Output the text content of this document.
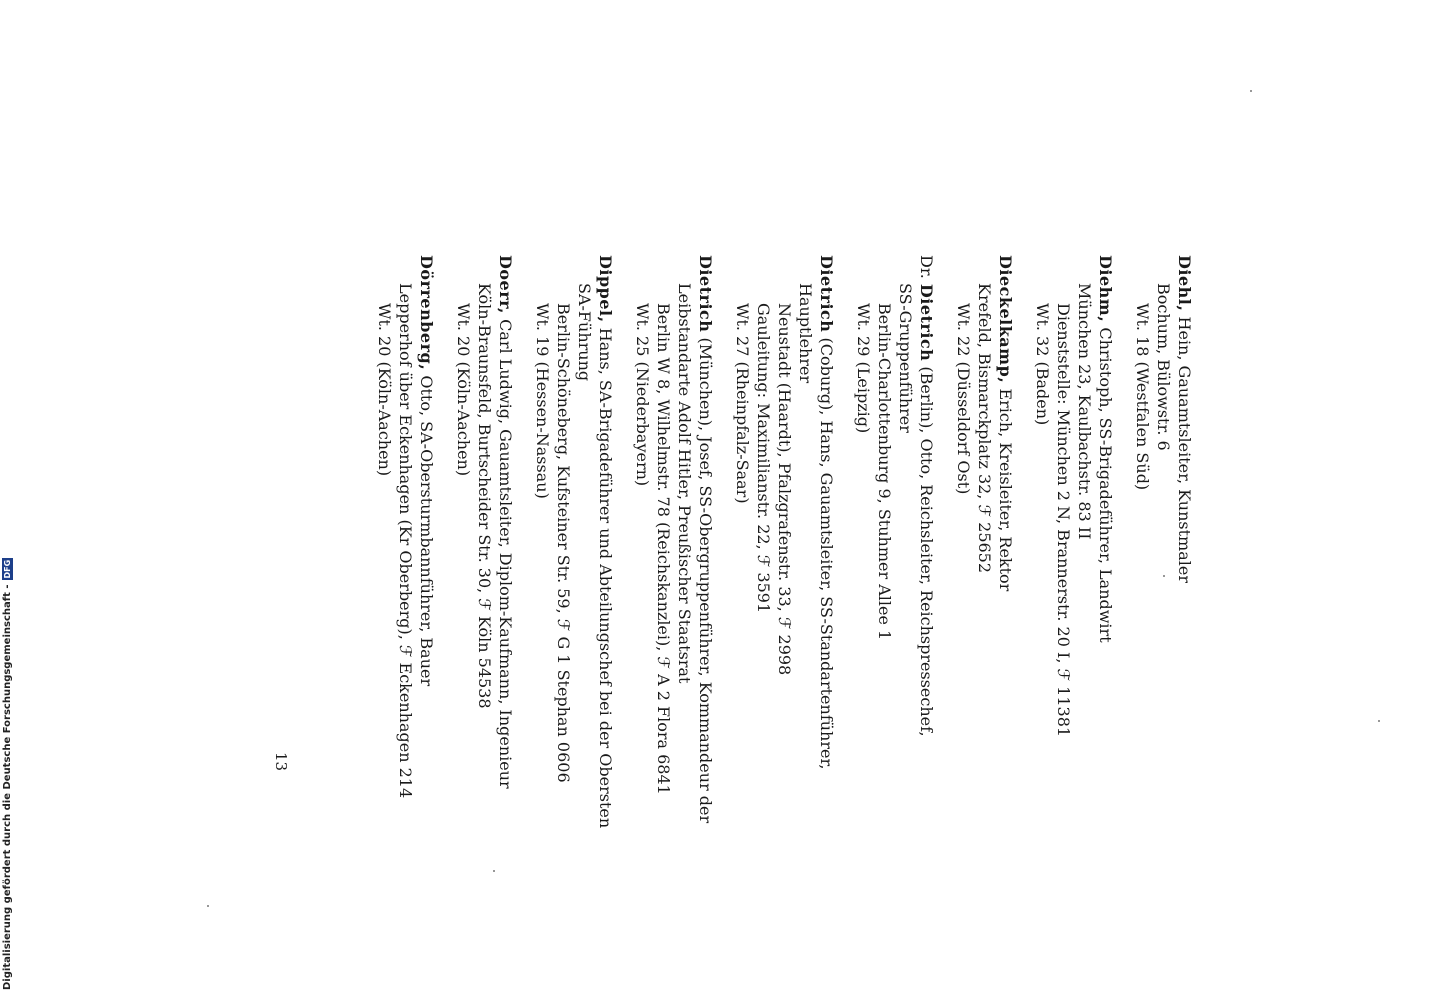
Diehl, Hein, Gauamtsleiter, Kunstmaler
Bochum, Bülowstr. 6
Wt. 18 (Westfalen Süd)
Diehm, Christoph, SS-Brigadeführer, Landwirt
München 23, Kaulbachstr. 83 II
Dienststelle: München 2 N, Brannerstr. 20 I, ℱ 11381
Wt. 32 (Baden)
Dieckelkamp, Erich, Kreisleiter, Rektor
Krefeld, Bismarckplatz 32, ℱ 25652
Wt. 22 (Düsseldorf Ost)
Dr. Dietrich (Berlin), Otto, Reichsleiter, Reichspressechef,
SS-Gruppenführer
Berlin-Charlottenburg 9, Stuhmer Allee 1
Wt. 29 (Leipzig)
Dietrich (Coburg), Hans, Gauamtsleiter, SS-Standartenführer,
Hauptlehrer
Neustadt (Haardt), Pfalzgrafenstr. 33, ℱ 2998
Gauleitung: Maximilianstr. 22, ℱ 3591
Wt. 27 (Rheinpfalz-Saar)
Dietrich (München), Josef, SS-Obergruppenführer, Kommandeur der
Leibstandarte Adolf Hitler, Preußischer Staatsrat
Berlin W 8, Wilhelmstr. 78 (Reichskanzlei), ℱ A 2 Flora 6841
Wt. 25 (Niederbayern)
Dippel, Hans, SA-Brigadeführer und Abteilungschef bei der Obersten
SA-Führung
Berlin-Schöneberg, Kufsteiner Str. 59, ℱ G 1 Stephan 0606
Wt. 19 (Hessen-Nassau)
Doerr, Carl Ludwig, Gauamtsleiter, Diplom-Kaufmann, Ingenieur
Köln-Braunsfeld, Burtscheider Str. 30, ℱ Köln 54538
Wt. 20 (Köln-Aachen)
Dörrenberg, Otto, SA-Obersturmbannführer, Bauer
Lepperhof über Eckenhagen (Kr Oberberg), ℱ Eckenhagen 214
Wt. 20 (Köln-Aachen)
13
Digitalisierung gefördert durch die Deutsche Forschungsgemeinschaft -
DFG
